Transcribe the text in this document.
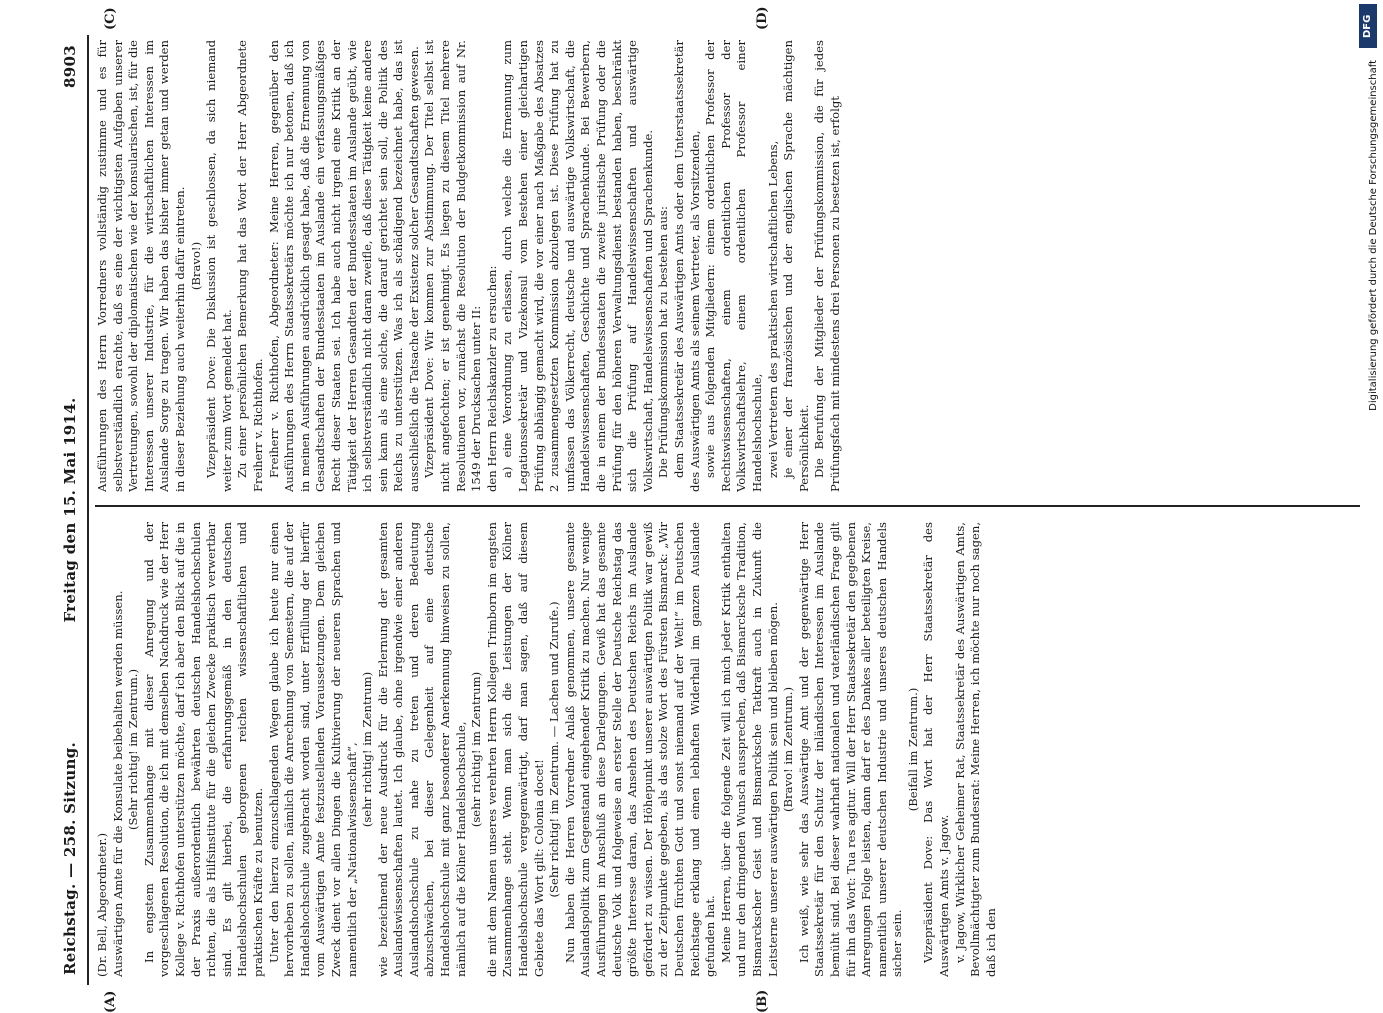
Reichstag. — 258. Sitzung.
Freitag den 15. Mai 1914.
8903
(A)	(B)
(C)	(D)

(Dr. Bell, Abgeordneter.) Auswärtigen Amte für die Konsulate beibehalten werden müssen. (Sehr richtig! im Zentrum.) In engstem Zusammenhange mit dieser Anregung und der vorgeschlagenen Resolution, die ich mit demselben Nachdruck wie der Herr Kollege v. Richthofen unterstützen möchte, darf ich aber den Blick auf die in der Praxis außerordentlich bewährten deutschen Handelshochschulen richten, die als Hilfsinstitute für die gleichen Zwecke praktisch verwertbar sind. Es gilt hierbei, die erfahrungsgemäß in den deutschen Handelshochschulen geborgenen reichen wissenschaftlichen und praktischen Kräfte zu benutzen. Unter den hierzu einzuschlagenden Wegen glaube ich heute nur einen hervorheben zu sollen, nämlich die Anrechnung von Semestern, die auf der Handelshochschule zugebracht worden sind, unter Erfüllung der hierfür vom Auswärtigen Amte festzustellenden Voraussetzungen. Dem gleichen Zweck dient vor allen Dingen die Kultivierung der neueren Sprachen und namentlich der „Nationalwissenschaft“, (sehr richtig! im Zentrum) wie bezeichnend der neue Ausdruck für die Erlernung der gesamten Auslandswissenschaften lautet. Ich glaube, ohne irgendwie einer anderen Auslandshochschule zu nahe zu treten und deren Bedeutung abzuschwächen, bei dieser Gelegenheit auf eine deutsche Handelshochschule mit ganz besonderer Anerkennung hinweisen zu sollen, nämlich auf die Kölner Handelshochschule, (sehr richtig! im Zentrum) die mit dem Namen unseres verehrten Herrn Kollegen Trimborn im engsten Zusammenhange steht. Wenn man sich die Leistungen der Kölner Handelshochschule vergegenwärtigt, darf man sagen, daß auf diesem Gebiete das Wort gilt: Colonia docet! (Sehr richtig! im Zentrum. — Lachen und Zurufe.) Nun haben die Herren Vorredner Anlaß genommen, unsere gesamte Auslandspolitik zum Gegenstand eingehender Kritik zu machen. Nur wenige Ausführungen im Anschluß an diese Darlegungen. Gewiß hat das gesamte deutsche Volk und folgeweise an erster Stelle der Deutsche Reichstag das größte Interesse daran, das Ansehen des Deutschen Reichs im Auslande gefördert zu wissen. Der Höhepunkt unserer auswärtigen Politik war gewiß zu der Zeitpunkte gegeben, als das stolze Wort des Fürsten Bismarck: „Wir Deutschen fürchten Gott und sonst niemand auf der Welt!“ im Deutschen Reichstage erklang und einen lebhaften Widerhall im ganzen Auslande gefunden hat. Meine Herren, über die folgende Zeit will ich mich jeder Kritik enthalten und nur den dringenden Wunsch aussprechen, daß Bismarcksche Tradition, Bismarckscher Geist und Bismarcksche Tatkraft auch in Zukunft die Leitsterne unserer auswärtigen Politik sein und bleiben mögen. (Bravo! im Zentrum.) Ich weiß, wie sehr das Auswärtige Amt und der gegenwärtige Herr Staatssekretär für den Schutz der inländischen Interessen im Auslande bemüht sind. Bei dieser wahrhaft nationalen und vaterländischen Frage gilt für ihn das Wort: Tua res agitur. Will der Herr Staatssekretär den gegebenen Anregungen Folge leisten, dann darf er des Dankes aller beteiligten Kreise, namentlich unserer deutschen Industrie und unseres deutschen Handels sicher sein.

(Beifall im Zentrum.) Vizepräsident Dove: Das Wort hat der Herr Staatssekretär des Auswärtigen Amts v. Jagow. v. Jagow, Wirklicher Geheimer Rat, Staatssekretär des Auswärtigen Amts, Bevollmächtigter zum Bundesrat: Meine Herren, ich möchte nur noch sagen, daß ich den

Ausführungen des Herrn Vorredners vollständig zustimme und es für selbstverständlich erachte, daß es eine der wichtigsten Aufgaben unserer Vertretungen, sowohl der diplomatischen wie der konsularischen, ist, für die Interessen unserer Industrie, für die wirtschaftlichen Interessen im Auslande Sorge zu tragen. Wir haben das bisher immer getan und werden in dieser Beziehung auch weiterhin dafür eintreten. (Bravo!) Vizepräsident Dove: Die Diskussion ist geschlossen, da sich niemand weiter zum Wort gemeldet hat. Zu einer persönlichen Bemerkung hat das Wort der Herr Abgeordnete Freiherr v. Richthofen. Freiherr v. Richthofen, Abgeordneter: Meine Herren, gegenüber den Ausführungen des Herrn Staatssekretärs möchte ich nur betonen, daß ich in meinen Ausführungen ausdrücklich gesagt habe, daß die Ernennung von Gesandtschaften der Bundesstaaten im Auslande ein verfassungsmäßiges Recht dieser Staaten sei. Ich habe auch nicht irgend eine Kritik an der Tätigkeit der Herren Gesandten der Bundesstaaten im Auslande geübt, wie ich selbstverständlich nicht daran zweifle, daß diese Tätigkeit keine andere sein kann als eine solche, die darauf gerichtet sein soll, die Politik des Reichs zu unterstützen. Was ich als schädigend bezeichnet habe, das ist ausschließlich die Tatsache der Existenz solcher Gesandtschaften gewesen. Vizepräsident Dove: Wir kommen zur Abstimmung. Der Titel selbst ist nicht angefochten; er ist genehmigt. Es liegen zu diesem Titel mehrere Resolutionen vor, zunächst die Resolution der Budgetkommission auf Nr. 1549 der Drucksachen unter II: den Herrn Reichskanzler zu ersuchen: a) eine Verordnung zu erlassen, durch welche die Ernennung zum Legationssekretär und Vizekonsul vom Bestehen einer gleichartigen Prüfung abhängig gemacht wird, die vor einer nach Maßgabe des Absatzes 2 zusammengesetzten Kommission abzulegen ist. Diese Prüfung hat zu umfassen das Völkerrecht, deutsche und auswärtige Volkswirtschaft, die Handelswissenschaften, Geschichte und Sprachenkunde. Bei Bewerbern, die in einem der Bundesstaaten die zweite juristische Prüfung oder die Prüfung für den höheren Verwaltungsdienst bestanden haben, beschränkt sich die Prüfung auf Handelswissenschaften und auswärtige Volkswirtschaft, Handelswissenschaften und Sprachenkunde. Die Prüfungskommission hat zu bestehen aus: dem Staatssekretär des Auswärtigen Amts oder dem Unterstaatssekretär des Auswärtigen Amts als seinem Vertreter, als Vorsitzenden, sowie aus folgenden Mitgliedern: einem ordentlichen Professor der Rechtswissenschaften, einem ordentlichen Professor der Volkswirtschaftslehre, einem ordentlichen Professor einer Handelshochschule, zwei Vertretern des praktischen wirtschaftlichen Lebens, je einer der französischen und der englischen Sprache mächtigen Persönlichkeit. Die Berufung der Mitglieder der Prüfungskommission, die für jedes Prüfungsfach mit mindestens drei Personen zu besetzen ist, erfolgt

DFG
Digitalisierung gefördert durch die Deutsche Forschungsgemeinschaft
